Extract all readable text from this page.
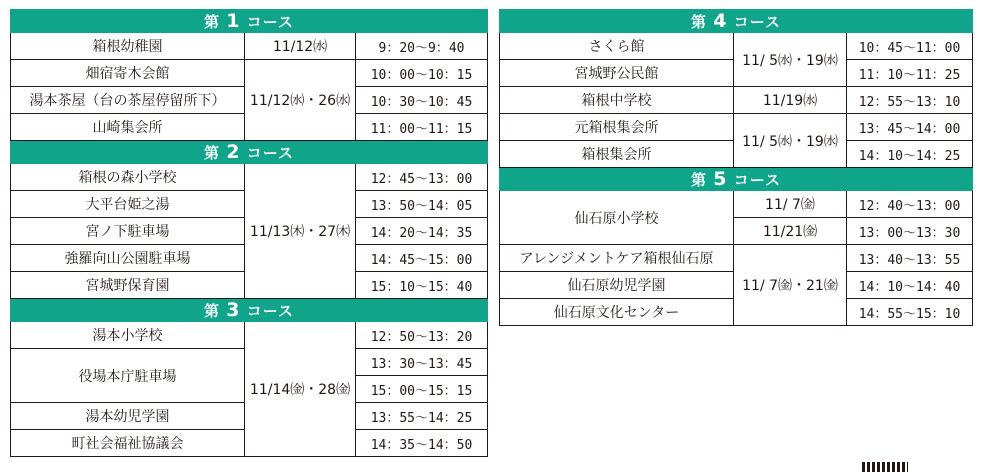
第 1 コース		
箱根幼稚園	11/12㈬	9：20〜9：40
畑宿寄木会館	11/12㈬・26㈬	10：00〜10：15
湯本茶屋（台の茶屋停留所下）		10：30〜10：45
山崎集会所		11：00〜11：15
第 2 コース		
箱根の森小学校	11/13㈭・27㈭	12：45〜13：00
大平台姫之湯		13：50〜14：05
宮ノ下駐車場		14：20〜14：35
強羅向山公園駐車場		14：45〜15：00
宮城野保育園		15：10〜15：40
第 3 コース		
湯本小学校	11/14㈮・28㈮	12：50〜13：20
役場本庁駐車場		13：30〜13：45
		15：00〜15：15
湯本幼児学園		13：55〜14：25
町社会福祉協議会		14：35〜14：50
第 4 コース		
さくら館	11/ 5㈬・19㈬	10：45〜11：00
宮城野公民館		11：10〜11：25
箱根中学校	11/19㈬	12：55〜13：10
元箱根集会所	11/ 5㈬・19㈬	13：45〜14：00
箱根集会所		14：10〜14：25
第 5 コース		
仙石原小学校	11/ 7㈮	12：40〜13：00
	11/21㈮	13：00〜13：30
アレンジメントケア箱根仙石原	11/ 7㈮・21㈮	13：40〜13：55
仙石原幼児学園		14：10〜14：40
仙石原文化センター		14：55〜15：10
